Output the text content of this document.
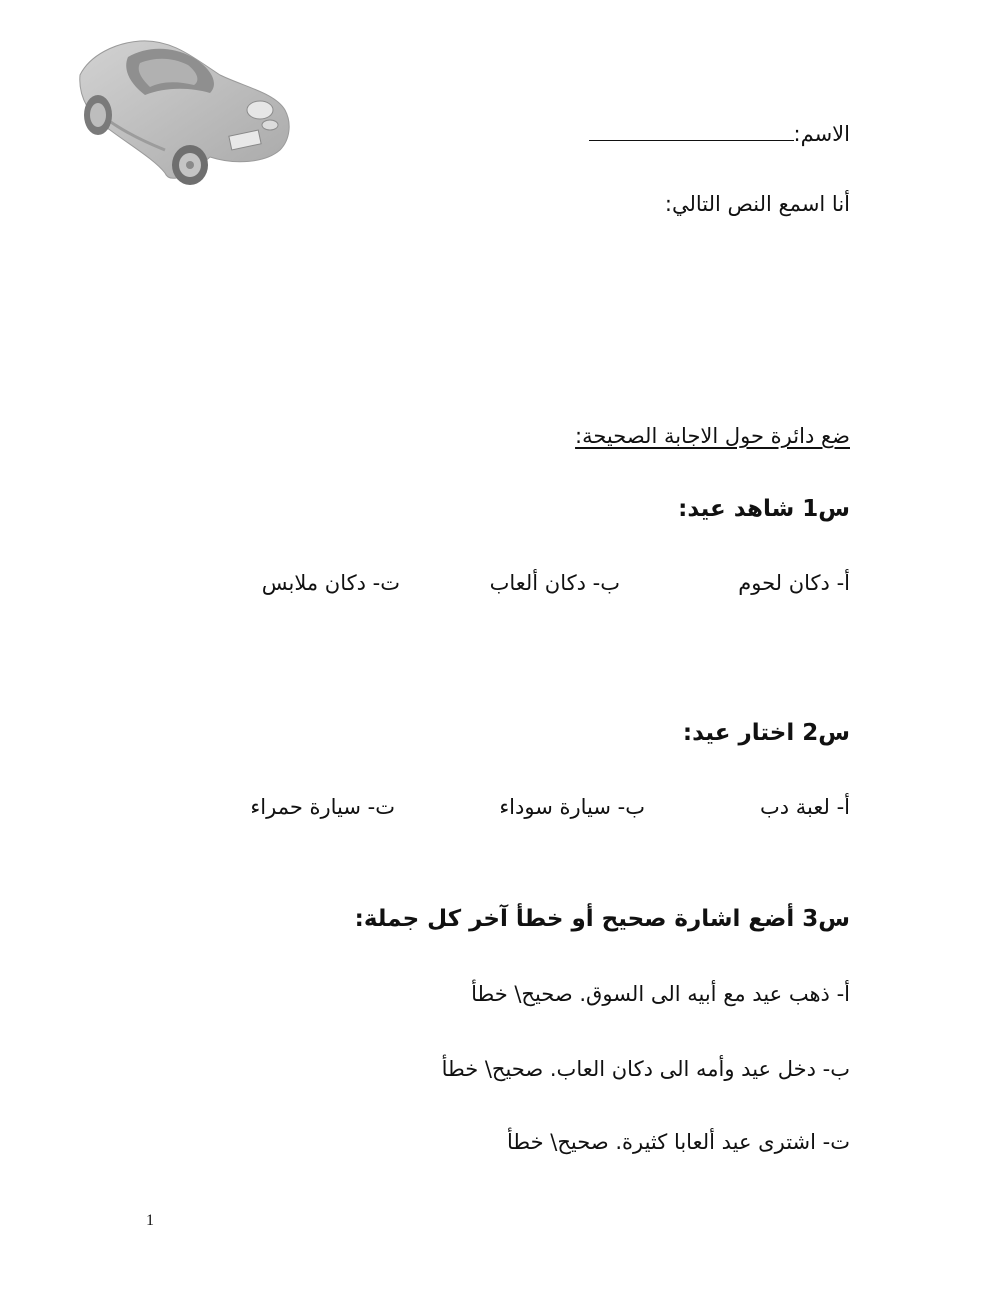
الاسم:
أنا اسمع النص التالي:
ضع دائرة حول الاجابة الصحيحة:
س1 شاهد عيد:
أ- دكان لحوم
ب- دكان ألعاب
ت- دكان ملابس
س2 اختار عيد:
أ- لعبة دب
ب- سيارة سوداء
ت- سيارة حمراء
س3 أضع اشارة صحيح أو خطأ آخر كل جملة:
أ- ذهب عيد مع أبيه الى السوق. صحيح\ خطأ
ب- دخل عيد وأمه الى دكان العاب. صحيح\ خطأ
ت- اشترى عيد ألعابا كثيرة. صحيح\ خطأ
1
